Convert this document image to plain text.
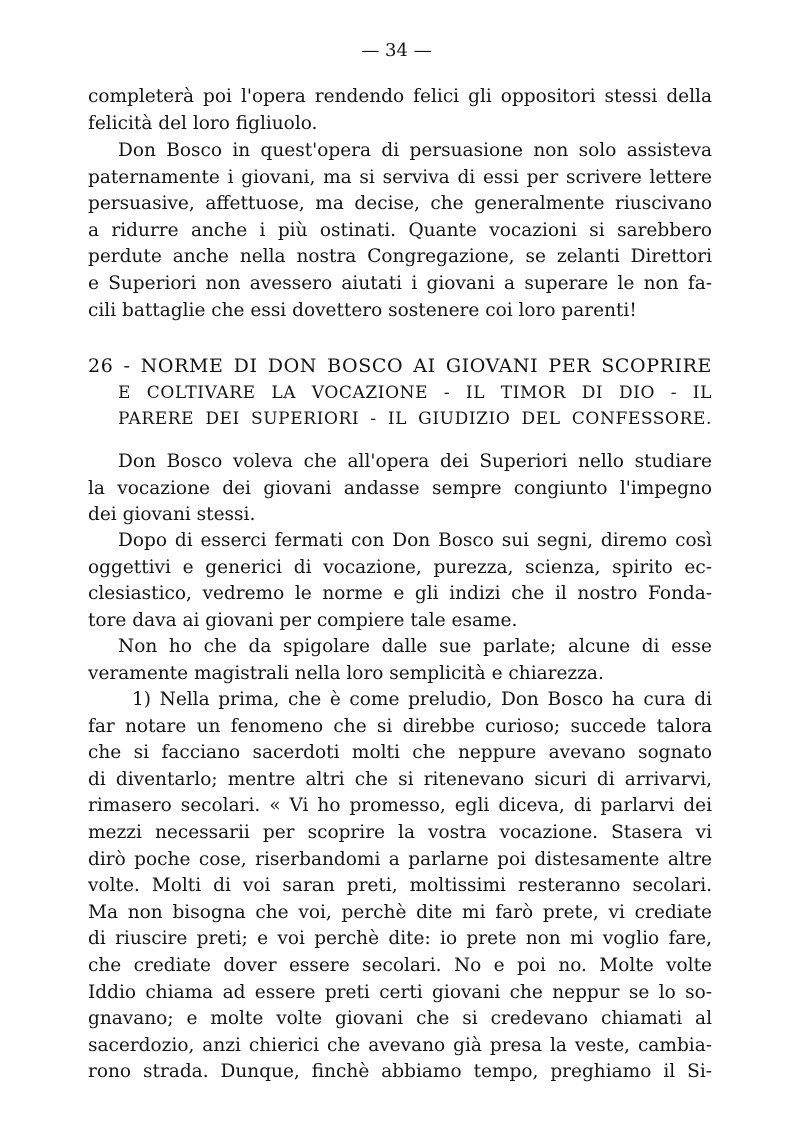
— 34 —
completerà poi l'opera rendendo felici gli oppositori stessi della
felicità del loro figliuolo.
Don Bosco in quest'opera di persuasione non solo assisteva
paternamente i giovani, ma si serviva di essi per scrivere lettere
persuasive, affettuose, ma decise, che generalmente riuscivano
a ridurre anche i più ostinati. Quante vocazioni si sarebbero
perdute anche nella nostra Congregazione, se zelanti Direttori
e Superiori non avessero aiutati i giovani a superare le non fa-
cili battaglie che essi dovettero sostenere coi loro parenti!
26 - NORME DI DON BOSCO AI GIOVANI PER SCOPRIRE
E COLTIVARE LA VOCAZIONE - IL TIMOR DI DIO - IL
PARERE DEI SUPERIORI - IL GIUDIZIO DEL CONFESSORE.
Don Bosco voleva che all'opera dei Superiori nello studiare
la vocazione dei giovani andasse sempre congiunto l'impegno
dei giovani stessi.
Dopo di esserci fermati con Don Bosco sui segni, diremo così
oggettivi e generici di vocazione, purezza, scienza, spirito ec-
clesiastico, vedremo le norme e gli indizi che il nostro Fonda-
tore dava ai giovani per compiere tale esame.
Non ho che da spigolare dalle sue parlate; alcune di esse
veramente magistrali nella loro semplicità e chiarezza.
1) Nella prima, che è come preludio, Don Bosco ha cura di
far notare un fenomeno che si direbbe curioso; succede talora
che si facciano sacerdoti molti che neppure avevano sognato
di diventarlo; mentre altri che si ritenevano sicuri di arrivarvi,
rimasero secolari. « Vi ho promesso, egli diceva, di parlarvi dei
mezzi necessarii per scoprire la vostra vocazione. Stasera vi
dirò poche cose, riserbandomi a parlarne poi distesamente altre
volte. Molti di voi saran preti, moltissimi resteranno secolari.
Ma non bisogna che voi, perchè dite mi farò prete, vi crediate
di riuscire preti; e voi perchè dite: io prete non mi voglio fare,
che crediate dover essere secolari. No e poi no. Molte volte
Iddio chiama ad essere preti certi giovani che neppur se lo so-
gnavano; e molte volte giovani che si credevano chiamati al
sacerdozio, anzi chierici che avevano già presa la veste, cambia-
rono strada. Dunque, finchè abbiamo tempo, preghiamo il Si-
